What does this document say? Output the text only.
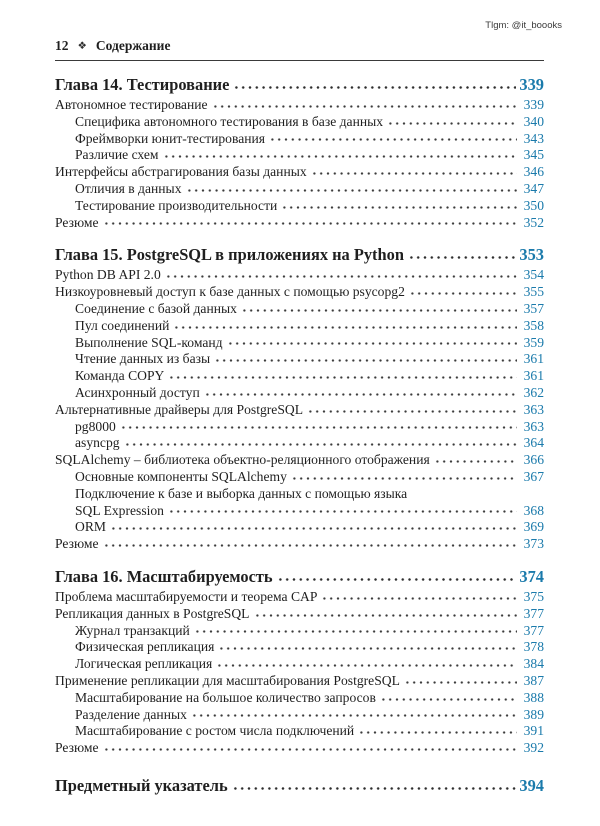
Tlgm: @it_boooks
12 ❖ Содержание
Глава 14. Тестирование	339
Автономное тестирование	339
Специфика автономного тестирования в базе данных	340
Фреймворки юнит-тестирования	343
Различие схем	345
Интерфейсы абстрагирования базы данных	346
Отличия в данных	347
Тестирование производительности	350
Резюме	352
Глава 15. PostgreSQL в приложениях на Python	353
Python DB API 2.0	354
Низкоуровневый доступ к базе данных с помощью psycopg2	355
Соединение с базой данных	357
Пул соединений	358
Выполнение SQL-команд	359
Чтение данных из базы	361
Команда COPY	361
Асинхронный доступ	362
Альтернативные драйверы для PostgreSQL	363
pg8000	363
asyncpg	364
SQLAlchemy – библиотека объектно-реляционного отображения	366
Основные компоненты SQLAlchemy	367
Подключение к базе и выборка данных с помощью языка
SQL Expression	368
ORM	369
Резюме	373
Глава 16. Масштабируемость	374
Проблема масштабируемости и теорема CAP	375
Репликация данных в PostgreSQL	377
Журнал транзакций	377
Физическая репликация	378
Логическая репликация	384
Применение репликации для масштабирования PostgreSQL	387
Масштабирование на большое количество запросов	388
Разделение данных	389
Масштабирование с ростом числа подключений	391
Резюме	392
Предметный указатель	394
